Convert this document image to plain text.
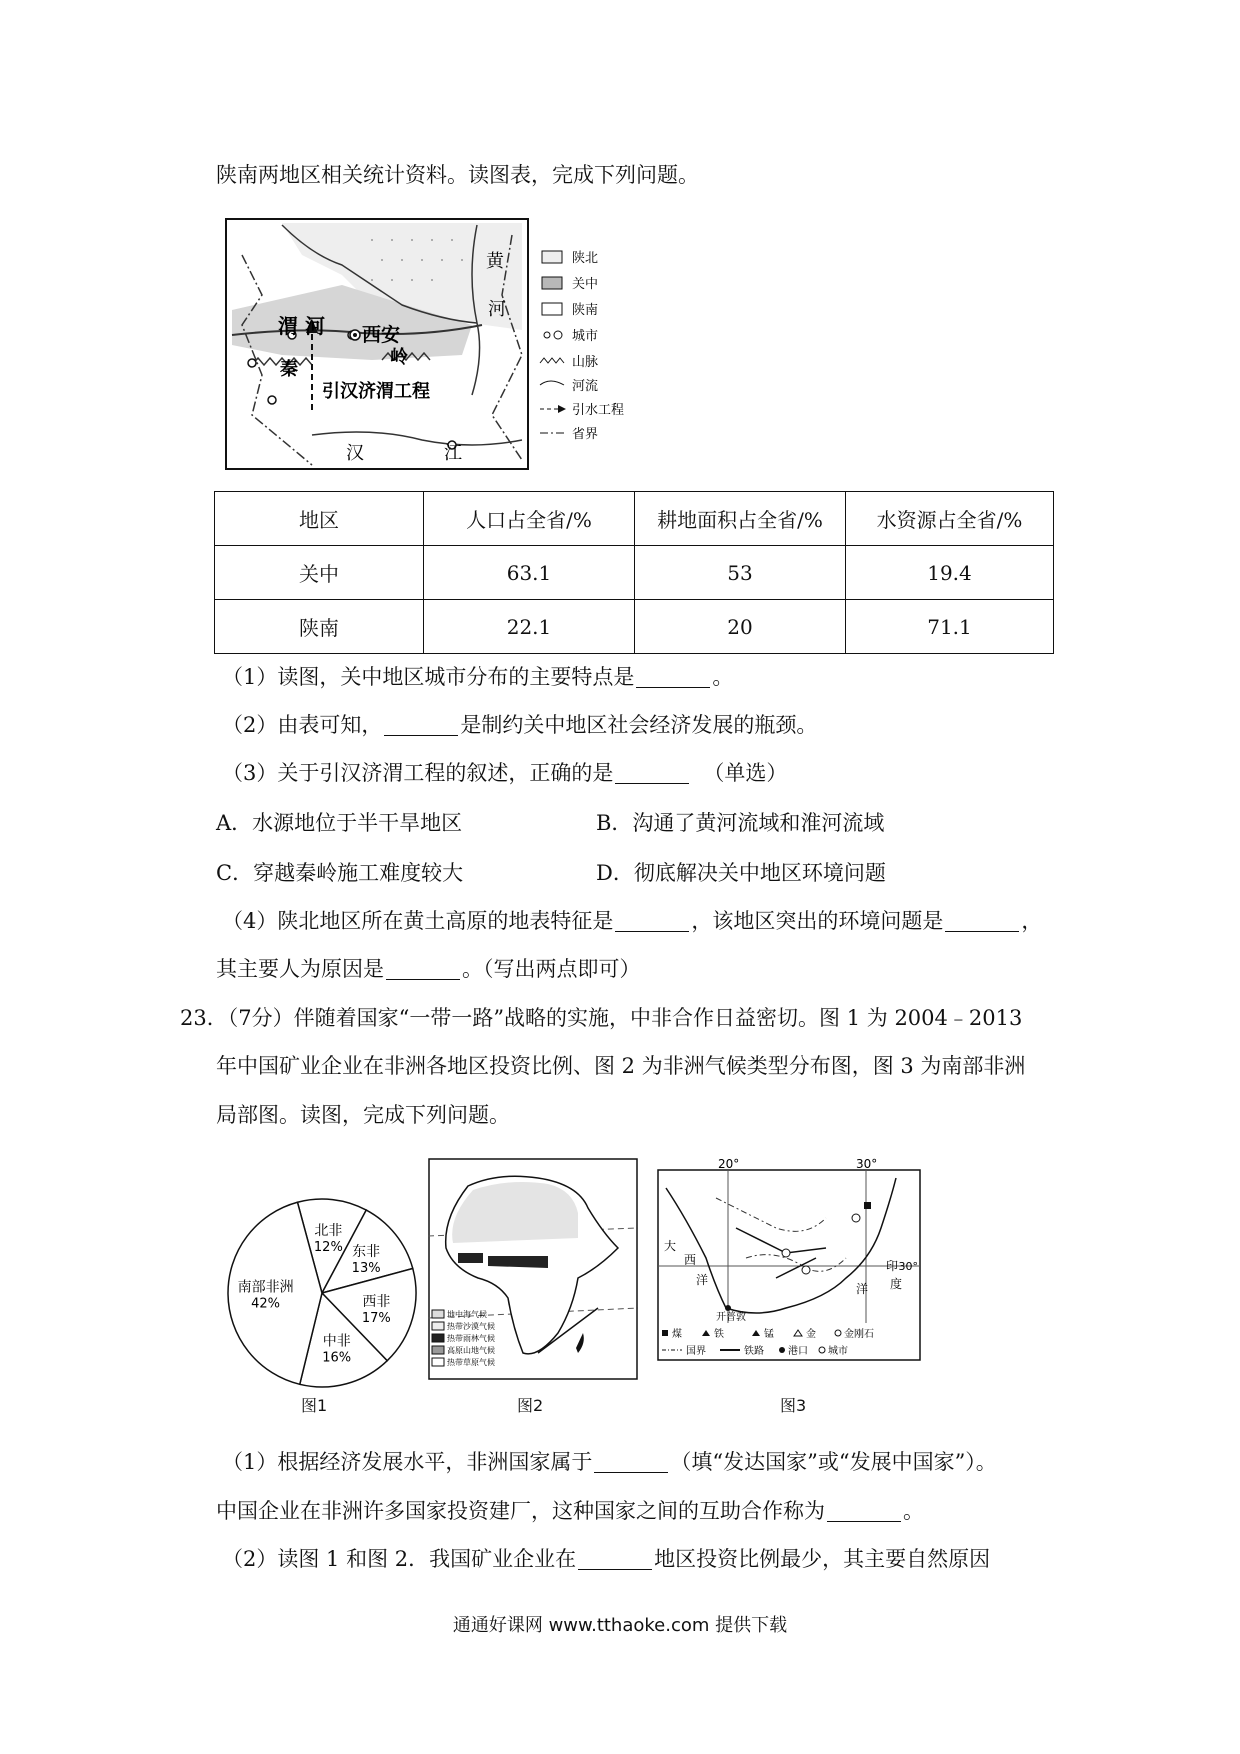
陕南两地区相关统计资料。读图表，完成下列问题。
渭 河 西安
秦
岭
引汉济渭工程
汉	江
黄
河
陕北
关中
陕南
城市
山脉
河流
引水工程
省界
地区	人口占全省/%	耕地面积占全省/%	水资源占全省/%
关中	63.1	53	19.4
陕南	22.1	20	71.1
（1）读图，关中地区城市分布的主要特点是	。
（2）由表可知，	是制约关中地区社会经济发展的瓶颈。
（3）关于引汉济渭工程的叙述，正确的是	（单选）
A．水源地位于半干旱地区	B．沟通了黄河流域和淮河流域
C．穿越秦岭施工难度较大	D．彻底解决关中地区环境问题
（4）陕北地区所在黄土高原的地表特征是	，该地区突出的环境问题是	，
其主要人为原因是	。（写出两点即可）
23．（7分）伴随着国家“一带一路”战略的实施，中非合作日益密切。图 1 为 2004﹣2013
年中国矿业企业在非洲各地区投资比例、图 2 为非洲气候类型分布图，图 3 为南部非洲
局部图。读图，完成下列问题。
北非
12% 东非
13%
西非
17%
中非
16%
南部非洲
42%
图1
地中海气候
热带沙漠气候
热带雨林气候
高原山地气候
热带草原气候
图2
20°	30°
30°
大
西
洋
印
度
洋
开普敦
煤	铁	锰	金	金刚石
国界	铁路 港口 城市
图3
（1）根据经济发展水平，非洲国家属于	（填“发达国家”或“发展中国家”）。
中国企业在非洲许多国家投资建厂，这种国家之间的互助合作称为	。
（2）读图 1 和图 2．我国矿业企业在	地区投资比例最少，其主要自然原因
通通好课网 www.tthaoke.com 提供下载
